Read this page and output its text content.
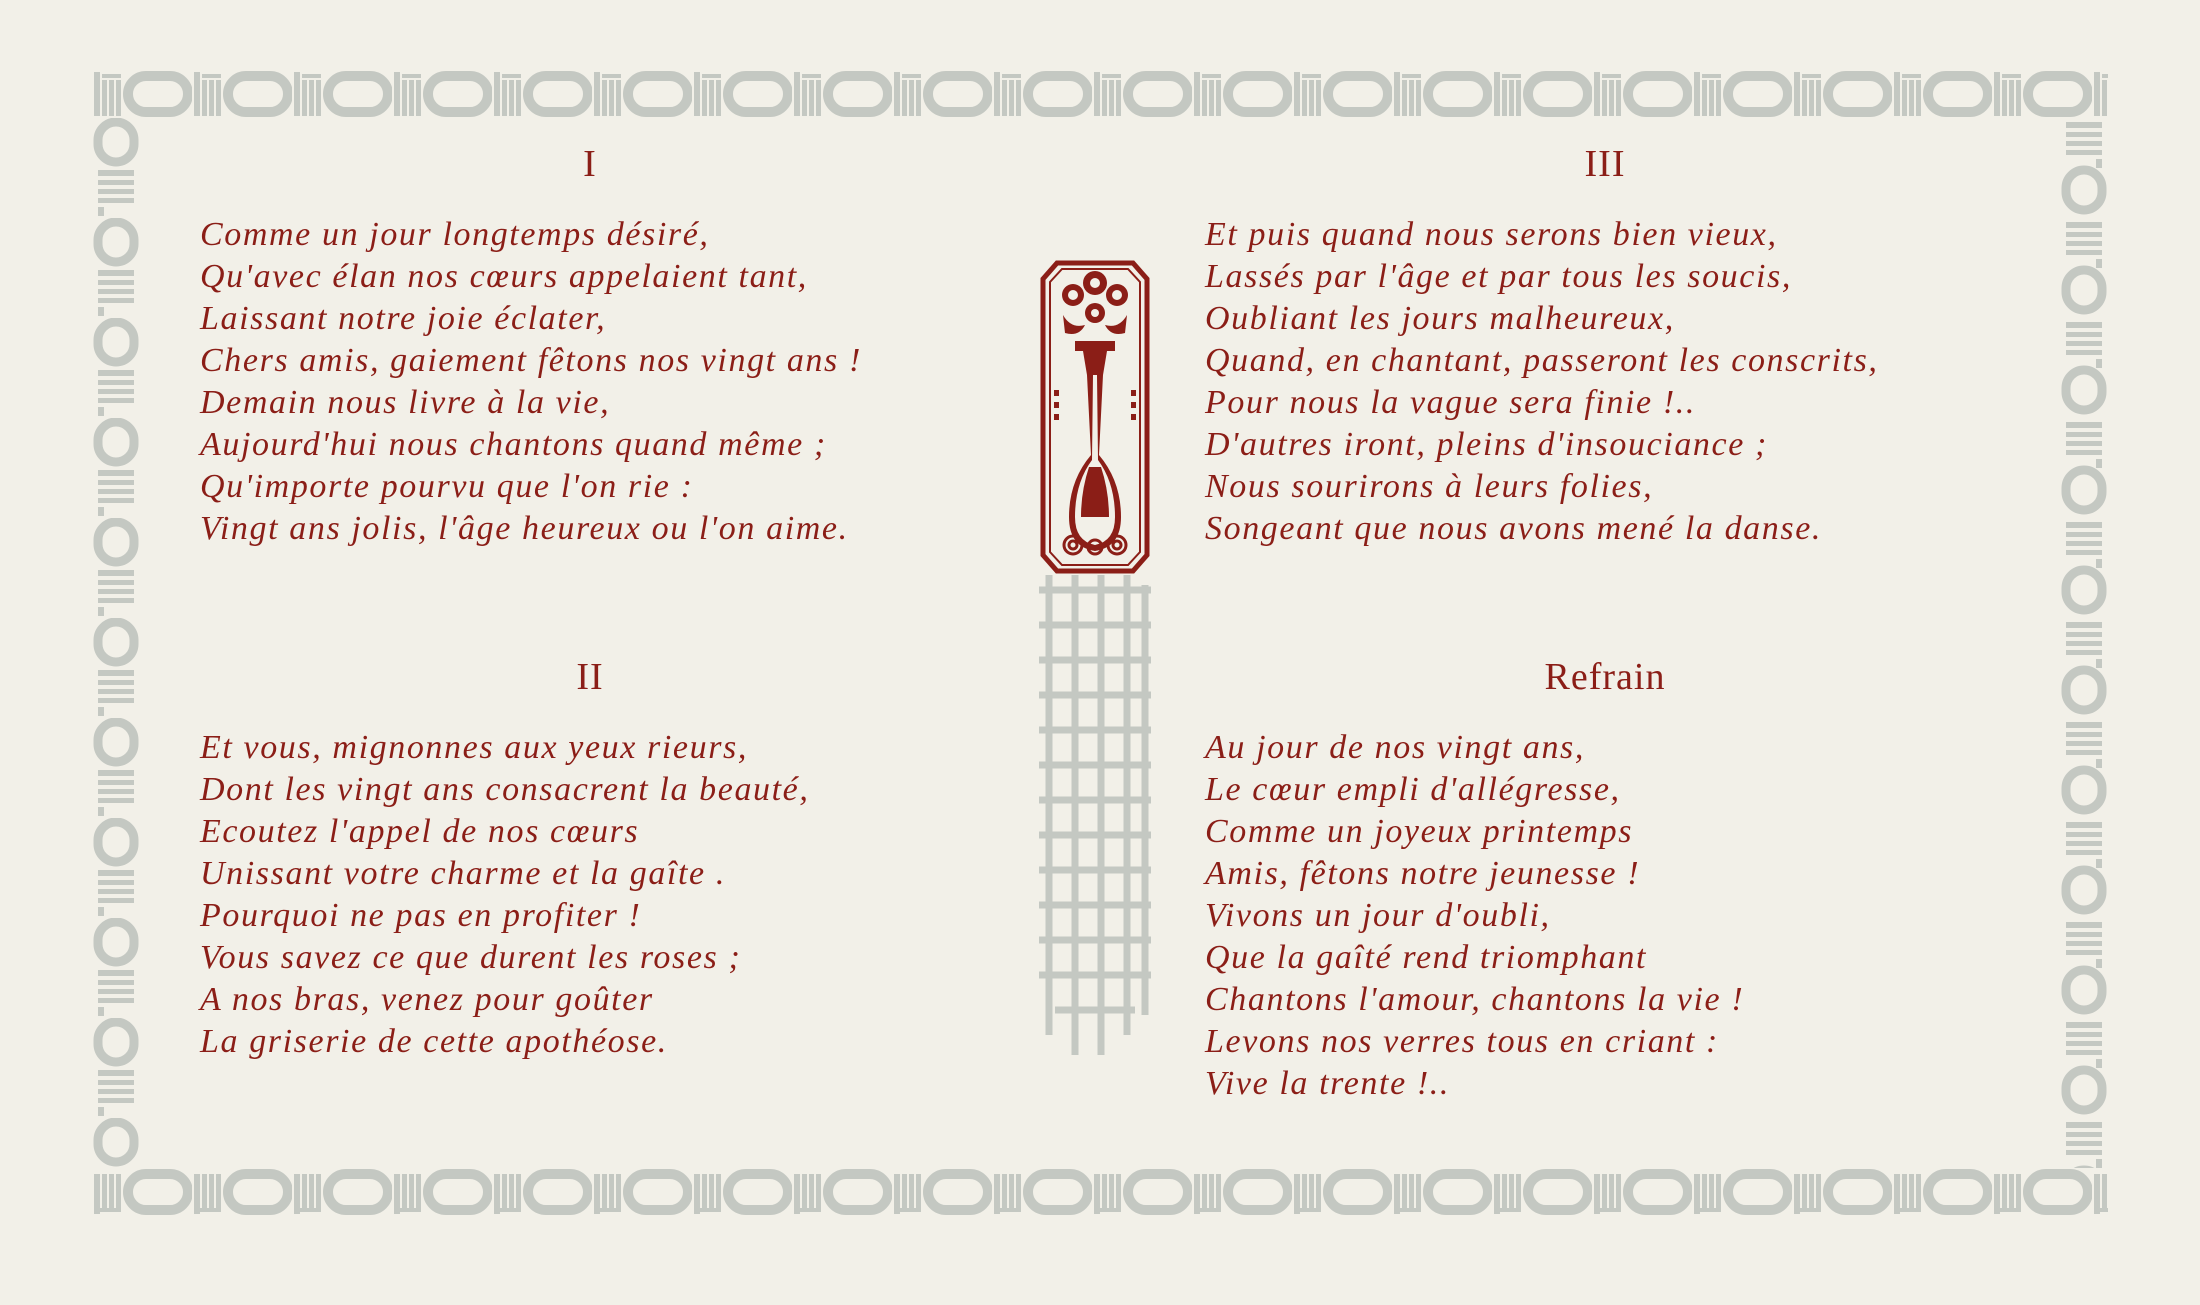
I
Comme un jour longtemps désiré,
Qu'avec élan nos cœurs appelaient tant,
Laissant notre joie éclater,
Chers amis, gaiement fêtons nos vingt ans !
Demain nous livre à la vie,
Aujourd'hui nous chantons quand même ;
Qu'importe pourvu que l'on rie :
Vingt ans jolis, l'âge heureux ou l'on aime.
II
Et vous, mignonnes aux yeux rieurs,
Dont les vingt ans consacrent la beauté,
Ecoutez l'appel de nos cœurs
Unissant votre charme et la gaîte .
Pourquoi ne pas en profiter !
Vous savez ce que durent les roses ;
A nos bras, venez pour goûter
La griserie de cette apothéose.
III
Et puis quand nous serons bien vieux,
Lassés par l'âge et par tous les soucis,
Oubliant les jours malheureux,
Quand, en chantant, passeront les conscrits,
Pour nous la vague sera finie !..
D'autres iront, pleins d'insouciance ;
Nous sourirons à leurs folies,
Songeant que nous avons mené la danse.
Refrain
Au jour de nos vingt ans,
Le cœur empli d'allégresse,
Comme un joyeux printemps
Amis, fêtons notre jeunesse !
Vivons un jour d'oubli,
Que la gaîté rend triomphant
Chantons l'amour, chantons la vie !
Levons nos verres tous en criant :
Vive la trente !..
